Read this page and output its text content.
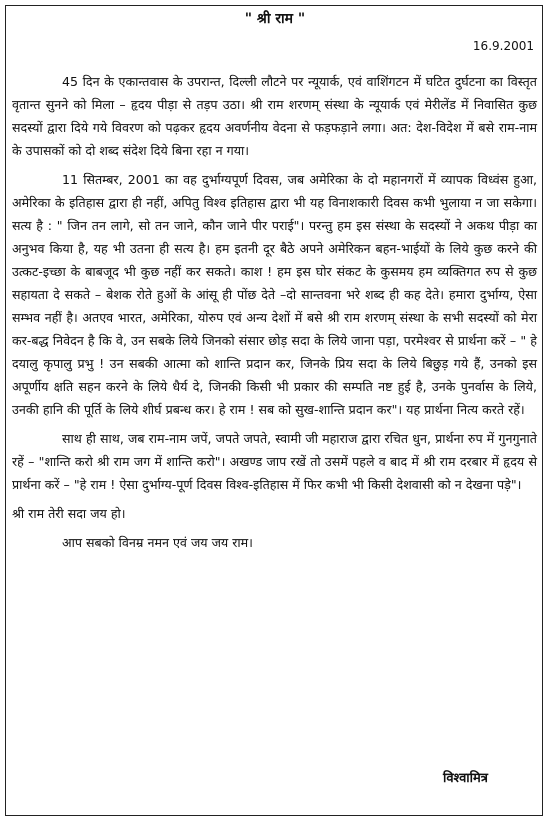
" श्री राम "
16.9.2001

45 दिन के एकान्तवास के उपरान्त, दिल्ली लौटने पर न्यूयार्क, एवं वाशिंगटन में घटित दुर्घटना का विस्तृत वृतान्त सुनने को मिला – हृदय पीड़ा से तड़प उठा। श्री राम शरणम् संस्था के न्यूयार्क एवं मेरीलेंड में निवासित कुछ सदस्यों द्वारा दिये गये विवरण को पढ़कर हृदय अवर्णनीय वेदना से फड़फड़ाने लगा। अत: देश-विदेश में बसे राम-नाम के उपासकों को दो शब्द संदेश दिये बिना रहा न गया।

11 सितम्बर, 2001 का वह दुर्भाग्यपूर्ण दिवस, जब अमेरिका के दो महानगरों में व्यापक विध्वंस हुआ, अमेरिका के इतिहास द्वारा ही नहीं, अपितु विश्व इतिहास द्वारा भी यह विनाशकारी दिवस कभी भुलाया न जा सकेगा। सत्य है : " जिन तन लागे, सो तन जाने, कौन जाने पीर पराई"। परन्तु हम इस संस्था के सदस्यों ने अकथ पीड़ा का अनुभव किया है, यह भी उतना ही सत्य है। हम इतनी दूर बैठे अपने अमेरिकन बहन-भाईयों के लिये कुछ करने की उत्कट-इच्छा के बाबजूद भी कुछ नहीं कर सकते। काश ! हम इस घोर संकट के कुसमय हम व्यक्तिगत रुप से कुछ सहायता दे सकते – बेशक रोते हुओं के आंसू ही पोंछ देते –दो सान्तवना भरे शब्द ही कह देते। हमारा दुर्भाग्य, ऐसा सम्भव नहीं है। अतएव भारत, अमेरिका, योरुप एवं अन्य देशों में बसे श्री राम शरणम् संस्था के सभी सदस्यों को मेरा कर-बद्ध निवेदन है कि वे, उन सबके लिये जिनको संसार छोड़ सदा के लिये जाना पड़ा, परमेश्वर से प्रार्थना करें – " हे दयालु कृपालु प्रभु ! उन सबकी आत्मा को शान्ति प्रदान कर, जिनके प्रिय सदा के लिये बिछुड़ गये हैं, उनको इस अपूर्णीय क्षति सहन करने के लिये धैर्य दे, जिनकी किसी भी प्रकार की सम्पति नष्ट हुई है, उनके पुनर्वास के लिये, उनकी हानि की पूर्ति के लिये शीर्घ प्रबन्ध कर। हे राम ! सब को सुख-शान्ति प्रदान कर"। यह प्रार्थना नित्य करते रहें।

साथ ही साथ, जब राम-नाम जपें, जपते जपते, स्वामी जी महाराज द्वारा रचित धुन, प्रार्थना रुप में गुनगुनाते रहें – "शान्ति करो श्री राम जग में शान्ति करो"। अखण्ड जाप रखें तो उसमें पहले व बाद में श्री राम दरबार में हृदय से प्रार्थना करें – "हे राम ! ऐसा दुर्भाग्य-पूर्ण दिवस विश्व-इतिहास में फिर कभी भी किसी देशवासी को न देखना पड़े"।

श्री राम तेरी सदा जय हो।

आप सबको विनम्र नमन एवं जय जय राम।

विश्वामित्र
